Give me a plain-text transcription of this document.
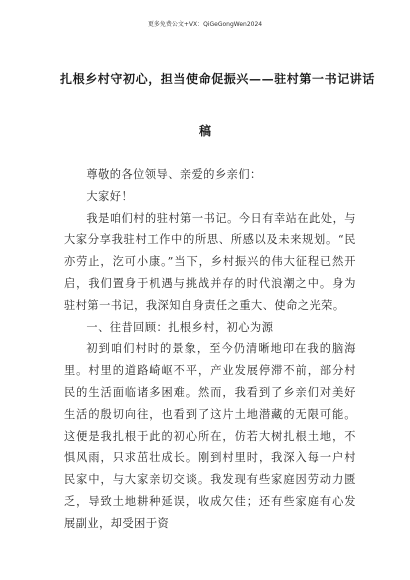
更多免费公文+VX：QiGeGongWen2024
扎根乡村守初心，担当使命促振兴——驻村第一书记讲话
稿

尊敬的各位领导、亲爱的乡亲们：

大家好！

我是咱们村的驻村第一书记。今日有幸站在此处，与大家分享我驻村工作中的所思、所感以及未来规划。“民亦劳止，汔可小康。”当下，乡村振兴的伟大征程已然开启，我们置身于机遇与挑战并存的时代浪潮之中。身为驻村第一书记，我深知自身责任之重大、使命之光荣。

一、往昔回顾：扎根乡村，初心为源

初到咱们村时的景象，至今仍清晰地印在我的脑海里。村里的道路崎岖不平，产业发展停滞不前，部分村民的生活面临诸多困难。然而，我看到了乡亲们对美好生活的殷切向往，也看到了这片土地潜藏的无限可能。这便是我扎根于此的初心所在，仿若大树扎根土地，不惧风雨，只求茁壮成长。刚到村里时，我深入每一户村民家中，与大家亲切交谈。我发现有些家庭因劳动力匮乏，导致土地耕种延误，收成欠佳；还有些家庭有心发展副业，却受困于资
